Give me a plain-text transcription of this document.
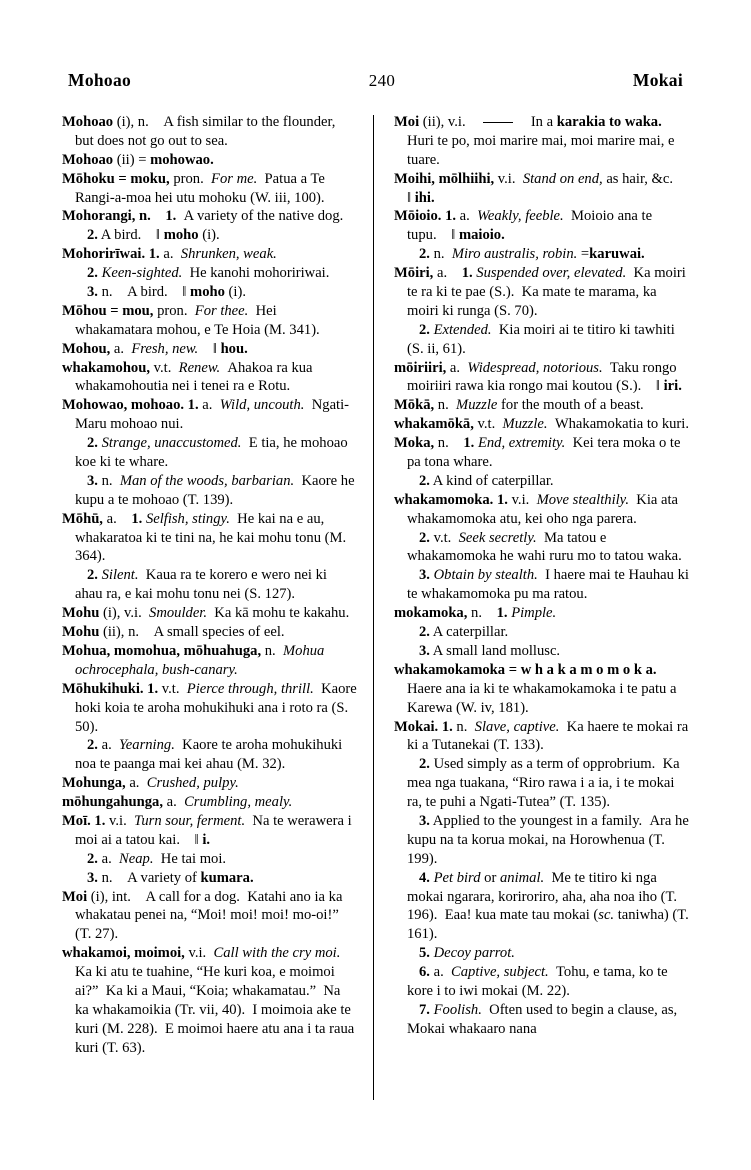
Mohoao	240	Mokai

Mohoao (i), n. A fish similar to the flounder, but does not go out to sea.

Mohoao (ii) = mohowao.

Mōhoku = moku, pron. For me. Patua a Te Rangi-a-moa hei utu mohoku (W. iii, 100).

Mohorangi, n. 1. A variety of the native dog.

2. A bird. ‖ moho (i).

Mohorirīwai. 1. a. Shrunken, weak.

2. Keen-sighted. He kanohi mohoririwai.

3. n. A bird. ‖ moho (i).

Mōhou = mou, pron. For thee. Hei whakamatara mohou, e Te Hoia (M. 341).

Mohou, a. Fresh, new. ‖ hou.

whakamohou, v.t. Renew. Ahakoa ra kua whakamohoutia nei i tenei ra e Rotu.

Mohowao, mohoao. 1. a. Wild, uncouth. Ngati-Maru mohoao nui.

2. Strange, unaccustomed. E tia, he mohoao koe ki te whare.

3. n. Man of the woods, barbarian. Kaore he kupu a te mohoao (T. 139).

Mōhū, a. 1. Selfish, stingy. He kai na e au, whakaratoa ki te tini na, he kai mohu tonu (M. 364).

2. Silent. Kaua ra te korero e wero nei ki ahau ra, e kai mohu tonu nei (S. 127).

Mohu (i), v.i. Smoulder. Ka kā mohu te kakahu.

Mohu (ii), n. A small species of eel.

Mohua, momohua, mōhuahuga, n. Mohua ochrocephala, bush-canary.

Mōhukihuki. 1. v.t. Pierce through, thrill. Kaore hoki koia te aroha mohukihuki ana i roto ra (S. 50).

2. a. Yearning. Kaore te aroha mohukihuki noa te paanga mai kei ahau (M. 32).

Mohunga, a. Crushed, pulpy.

mōhungahunga, a. Crumbling, mealy.

Moī. 1. v.i. Turn sour, ferment. Na te werawera i moi ai a tatou kai. ‖ i.

2. a. Neap. He tai moi.

3. n. A variety of kumara.

Moi (i), int. A call for a dog. Katahi ano ia ka whakatau penei na, “Moi! moi! moi! mo-oi!” (T. 27).

whakamoi, moimoi, v.i. Call with the cry moi. Ka ki atu te tuahine, “He kuri koa, e moimoi ai?” Ka ki a Maui, “Koia; whakamatau.” Na ka whakamoikia (Tr. vii, 40). I moimoia ake te kuri (M. 228). E moimoi haere atu ana i ta raua kuri (T. 63).

Moi (ii), v.i.  In a karakia to waka. Huri te po, moi marire mai, moi marire mai, e tuare.

Moihi, mōlhiihi, v.i. Stand on end, as hair, &c. ‖ ihi.

Mōioio. 1. a. Weakly, feeble. Moioio ana te tupu. ‖ maioio.

2. n. Miro australis, robin. =karuwai.

Mōiri, a. 1. Suspended over, elevated. Ka moiri te ra ki te pae (S.). Ka mate te marama, ka moiri ki runga (S. 70).

2. Extended. Kia moiri ai te titiro ki tawhiti (S. ii, 61).

mōiriiri, a. Widespread, notorious. Taku rongo moiriiri rawa kia rongo mai koutou (S.). ‖ iri.

Mōkā, n. Muzzle for the mouth of a beast.

whakamōkā, v.t. Muzzle. Whakamokatia to kuri.

Moka, n. 1. End, extremity. Kei tera moka o te pa tona whare.

2. A kind of caterpillar.

whakamomoka. 1. v.i. Move stealthily. Kia ata whakamomoka atu, kei oho nga parera.

2. v.t. Seek secretly. Ma tatou e whakamomoka he wahi ruru mo to tatou waka.

3. Obtain by stealth. I haere mai te Hauhau ki te whakamomoka pu ma ratou.

mokamoka, n. 1. Pimple.

2. A caterpillar.

3. A small land mollusc.

whakamokamoka = w h a k a m o m o k a. Haere ana ia ki te whakamokamoka i te patu a Karewa (W. iv, 181).

Mokai. 1. n. Slave, captive. Ka haere te mokai ra ki a Tutanekai (T. 133).

2. Used simply as a term of opprobrium. Ka mea nga tuakana, “Riro rawa i a ia, i te mokai ra, te puhi a Ngati-Tutea” (T. 135).

3. Applied to the youngest in a family. Ara he kupu na ta korua mokai, na Horowhenua (T. 199).

4. Pet bird or animal. Me te titiro ki nga mokai ngarara, koriroriro, aha, aha noa iho (T. 196). Eaa! kua mate tau mokai (sc. taniwha) (T. 161).

5. Decoy parrot.

6. a. Captive, subject. Tohu, e tama, ko te kore i to iwi mokai (M. 22).

7. Foolish. Often used to begin a clause, as, Mokai whakaaro nana
